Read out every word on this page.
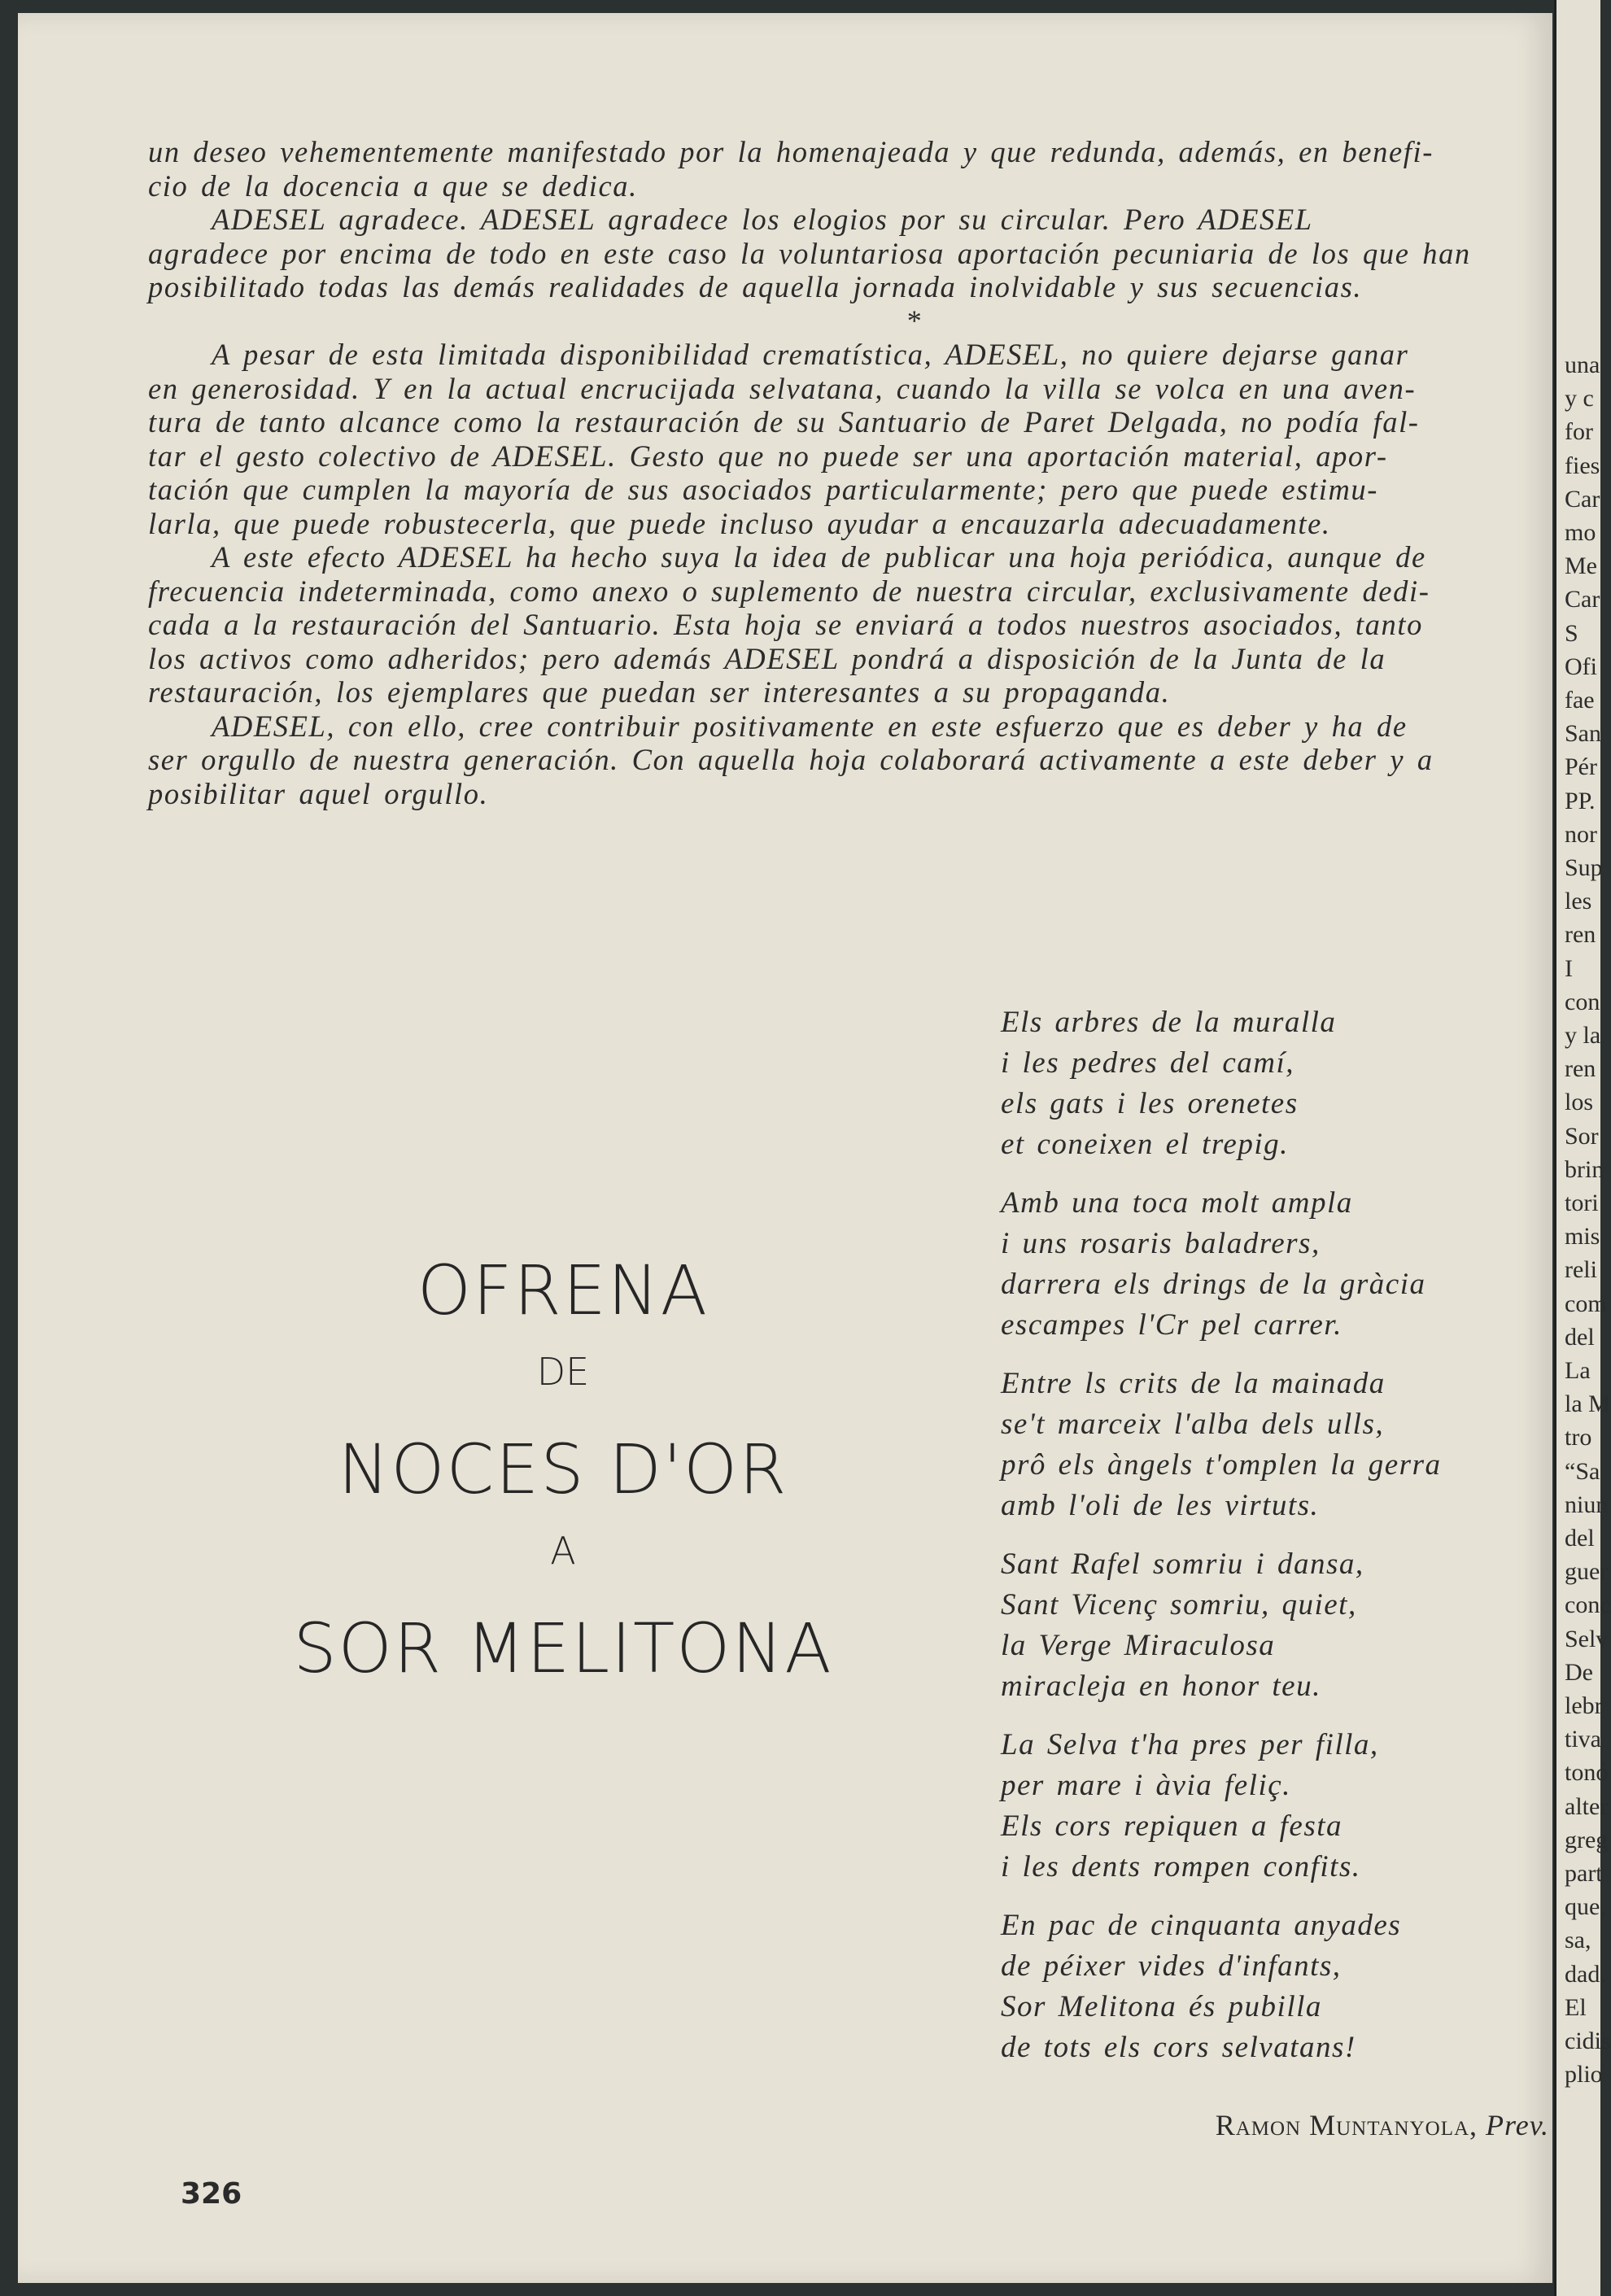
un deseo vehementemente manifestado por la homenajeada y que redunda, además, en benefi-
cio de la docencia a que se dedica.
ADESEL agradece. ADESEL agradece los elogios por su circular. Pero ADESEL
agradece por encima de todo en este caso la voluntariosa aportación pecuniaria de los que han
posibilitado todas las demás realidades de aquella jornada inolvidable y sus secuencias.
*
A pesar de esta limitada disponibilidad crematística, ADESEL, no quiere dejarse ganar
en generosidad. Y en la actual encrucijada selvatana, cuando la villa se volca en una aven-
tura de tanto alcance como la restauración de su Santuario de Paret Delgada, no podía fal-
tar el gesto colectivo de ADESEL. Gesto que no puede ser una aportación material, apor-
tación que cumplen la mayoría de sus asociados particularmente; pero que puede estimu-
larla, que puede robustecerla, que puede incluso ayudar a encauzarla adecuadamente.
A este efecto ADESEL ha hecho suya la idea de publicar una hoja periódica, aunque de
frecuencia indeterminada, como anexo o suplemento de nuestra circular, exclusivamente dedi-
cada a la restauración del Santuario. Esta hoja se enviará a todos nuestros asociados, tanto
los activos como adheridos; pero además ADESEL pondrá a disposición de la Junta de la
restauración, los ejemplares que puedan ser interesantes a su propaganda.
ADESEL, con ello, cree contribuir positivamente en este esfuerzo que es deber y ha de
ser orgullo de nuestra generación. Con aquella hoja colaborará activamente a este deber y a
posibilitar aquel orgullo.
OFRENA
DE
NOCES D'OR
A
SOR MELITONA
Els arbres de la muralla
i les pedres del camí,
els gats i les orenetes
et coneixen el trepig.
Amb una toca molt ampla
i uns rosaris baladrers,
darrera els drings de la gràcia
escampes l'Cr pel carrer.
Entre ls crits de la mainada
se't marceix l'alba dels ulls,
prô els àngels t'omplen la gerra
amb l'oli de les virtuts.
Sant Rafel somriu i dansa,
Sant Vicenç somriu, quiet,
la Verge Miraculosa
miracleja en honor teu.
La Selva t'ha pres per filla,
per mare i àvia feliç.
Els cors repiquen a festa
i les dents rompen confits.
En pac de cinquanta anyades
de péixer vides d'infants,
Sor Melitona és pubilla
de tots els cors selvatans!
Ramon Muntanyola, Prev.
326
una
y c
for
fies
Car
mo
Me
Car
S
Ofi
fae
San
Pér
PP.
nor
Sup
les
ren
I
con
y la
ren
los
Sor
brin
tori
mis
reli
com
del
La
la M
tro
“Sa
niun
del
guer
conc
Selv
De
lebr
tiva
tonó
alter
greg
part
que,
sa,
dad.
El
cidis
plio
